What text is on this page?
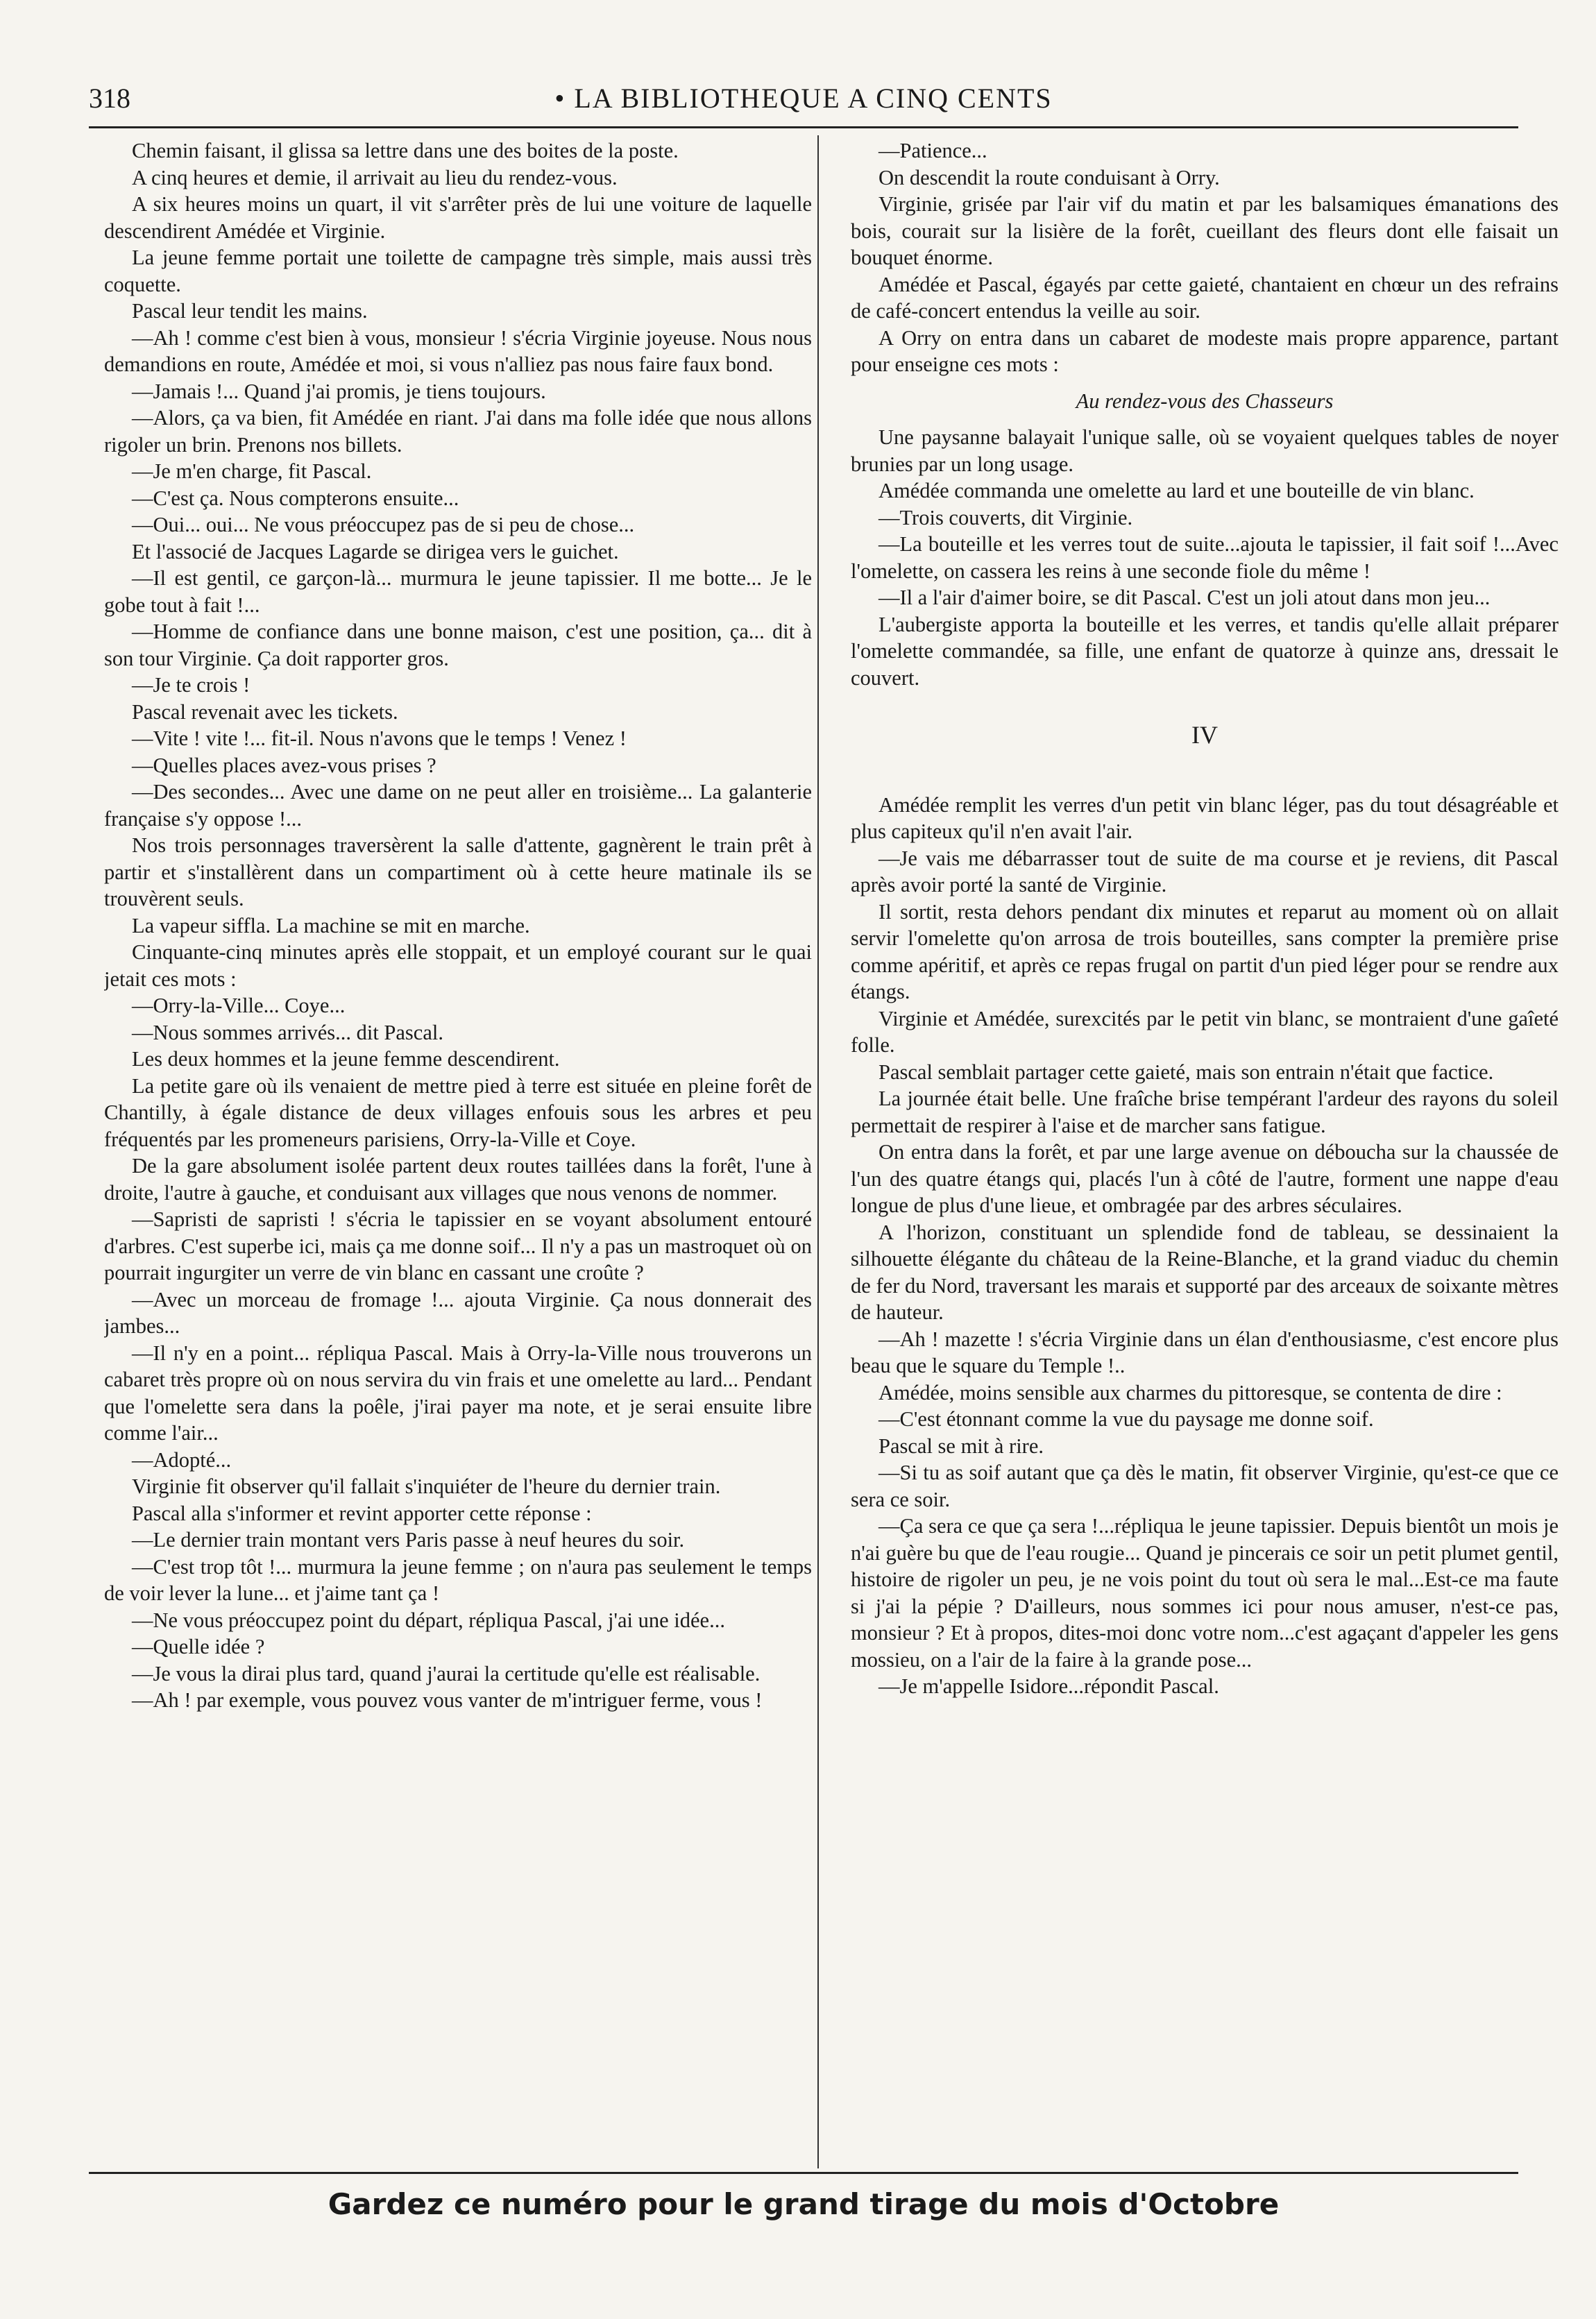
318	• LA BIBLIOTHEQUE A CINQ CENTS

Chemin faisant, il glissa sa lettre dans une des boites de la poste.

A cinq heures et demie, il arrivait au lieu du rendez-vous.

A six heures moins un quart, il vit s'arrêter près de lui une voiture de laquelle descendirent Amédée et Virginie.

La jeune femme portait une toilette de campagne très simple, mais aussi très coquette.

Pascal leur tendit les mains.

—Ah ! comme c'est bien à vous, monsieur ! s'écria Virginie joyeuse. Nous nous demandions en route, Amédée et moi, si vous n'alliez pas nous faire faux bond.

—Jamais !... Quand j'ai promis, je tiens toujours.

—Alors, ça va bien, fit Amédée en riant. J'ai dans ma folle idée que nous allons rigoler un brin. Prenons nos billets.

—Je m'en charge, fit Pascal.

—C'est ça. Nous compterons ensuite...

—Oui... oui... Ne vous préoccupez pas de si peu de chose...

Et l'associé de Jacques Lagarde se dirigea vers le guichet.

—Il est gentil, ce garçon-là... murmura le jeune tapissier. Il me botte... Je le gobe tout à fait !...

—Homme de confiance dans une bonne maison, c'est une position, ça... dit à son tour Virginie. Ça doit rapporter gros.

—Je te crois !

Pascal revenait avec les tickets.

—Vite ! vite !... fit-il. Nous n'avons que le temps ! Venez !

—Quelles places avez-vous prises ?

—Des secondes... Avec une dame on ne peut aller en troisième... La galanterie française s'y oppose !...

Nos trois personnages traversèrent la salle d'attente, gagnèrent le train prêt à partir et s'installèrent dans un compartiment où à cette heure matinale ils se trouvèrent seuls.

La vapeur siffla. La machine se mit en marche.

Cinquante-cinq minutes après elle stoppait, et un employé courant sur le quai jetait ces mots :

—Orry-la-Ville... Coye...

—Nous sommes arrivés... dit Pascal.

Les deux hommes et la jeune femme descendirent.

La petite gare où ils venaient de mettre pied à terre est située en pleine forêt de Chantilly, à égale distance de deux villages enfouis sous les arbres et peu fréquentés par les promeneurs parisiens, Orry-la-Ville et Coye.

De la gare absolument isolée partent deux routes taillées dans la forêt, l'une à droite, l'autre à gauche, et conduisant aux villages que nous venons de nommer.

—Sapristi de sapristi ! s'écria le tapissier en se voyant absolument entouré d'arbres. C'est superbe ici, mais ça me donne soif... Il n'y a pas un mastroquet où on pourrait ingurgiter un verre de vin blanc en cassant une croûte ?

—Avec un morceau de fromage !... ajouta Virginie. Ça nous donnerait des jambes...

—Il n'y en a point... répliqua Pascal. Mais à Orry-la-Ville nous trouverons un cabaret très propre où on nous servira du vin frais et une omelette au lard... Pendant que l'omelette sera dans la poêle, j'irai payer ma note, et je serai ensuite libre comme l'air...

—Adopté...

Virginie fit observer qu'il fallait s'inquiéter de l'heure du dernier train.

Pascal alla s'informer et revint apporter cette réponse :

—Le dernier train montant vers Paris passe à neuf heures du soir.

—C'est trop tôt !... murmura la jeune femme ; on n'aura pas seulement le temps de voir lever la lune... et j'aime tant ça !

—Ne vous préoccupez point du départ, répliqua Pascal, j'ai une idée...

—Quelle idée ?

—Je vous la dirai plus tard, quand j'aurai la certitude qu'elle est réalisable.

—Ah ! par exemple, vous pouvez vous vanter de m'intriguer ferme, vous !

—Patience...

On descendit la route conduisant à Orry.

Virginie, grisée par l'air vif du matin et par les balsamiques émanations des bois, courait sur la lisière de la forêt, cueillant des fleurs dont elle faisait un bouquet énorme.

Amédée et Pascal, égayés par cette gaieté, chantaient en chœur un des refrains de café-concert entendus la veille au soir.

A Orry on entra dans un cabaret de modeste mais propre apparence, partant pour enseigne ces mots :

Au rendez-vous des Chasseurs

Une paysanne balayait l'unique salle, où se voyaient quelques tables de noyer brunies par un long usage.

Amédée commanda une omelette au lard et une bouteille de vin blanc.

—Trois couverts, dit Virginie.

—La bouteille et les verres tout de suite...ajouta le tapissier, il fait soif !...Avec l'omelette, on cassera les reins à une seconde fiole du même !

—Il a l'air d'aimer boire, se dit Pascal. C'est un joli atout dans mon jeu...

L'aubergiste apporta la bouteille et les verres, et tandis qu'elle allait préparer l'omelette commandée, sa fille, une enfant de quatorze à quinze ans, dressait le couvert.

IV

Amédée remplit les verres d'un petit vin blanc léger, pas du tout désagréable et plus capiteux qu'il n'en avait l'air.

—Je vais me débarrasser tout de suite de ma course et je reviens, dit Pascal après avoir porté la santé de Virginie.

Il sortit, resta dehors pendant dix minutes et reparut au moment où on allait servir l'omelette qu'on arrosa de trois bouteilles, sans compter la première prise comme apéritif, et après ce repas frugal on partit d'un pied léger pour se rendre aux étangs.

Virginie et Amédée, surexcités par le petit vin blanc, se montraient d'une gaîeté folle.

Pascal semblait partager cette gaieté, mais son entrain n'était que factice.

La journée était belle. Une fraîche brise tempérant l'ardeur des rayons du soleil permettait de respirer à l'aise et de marcher sans fatigue.

On entra dans la forêt, et par une large avenue on déboucha sur la chaussée de l'un des quatre étangs qui, placés l'un à côté de l'autre, forment une nappe d'eau longue de plus d'une lieue, et ombragée par des arbres séculaires.

A l'horizon, constituant un splendide fond de tableau, se dessinaient la silhouette élégante du château de la Reine-Blanche, et la grand viaduc du chemin de fer du Nord, traversant les marais et supporté par des arceaux de soixante mètres de hauteur.

—Ah ! mazette ! s'écria Virginie dans un élan d'enthousiasme, c'est encore plus beau que le square du Temple !..

Amédée, moins sensible aux charmes du pittoresque, se contenta de dire :

—C'est étonnant comme la vue du paysage me donne soif.

Pascal se mit à rire.

—Si tu as soif autant que ça dès le matin, fit observer Virginie, qu'est-ce que ce sera ce soir.

—Ça sera ce que ça sera !...répliqua le jeune tapissier. Depuis bientôt un mois je n'ai guère bu que de l'eau rougie... Quand je pincerais ce soir un petit plumet gentil, histoire de rigoler un peu, je ne vois point du tout où sera le mal...Est-ce ma faute si j'ai la pépie ? D'ailleurs, nous sommes ici pour nous amuser, n'est-ce pas, monsieur ? Et à propos, dites-moi donc votre nom...c'est agaçant d'appeler les gens mossieu, on a l'air de la faire à la grande pose...

—Je m'appelle Isidore...répondit Pascal.

Gardez ce numéro pour le grand tirage du mois d'Octobre
